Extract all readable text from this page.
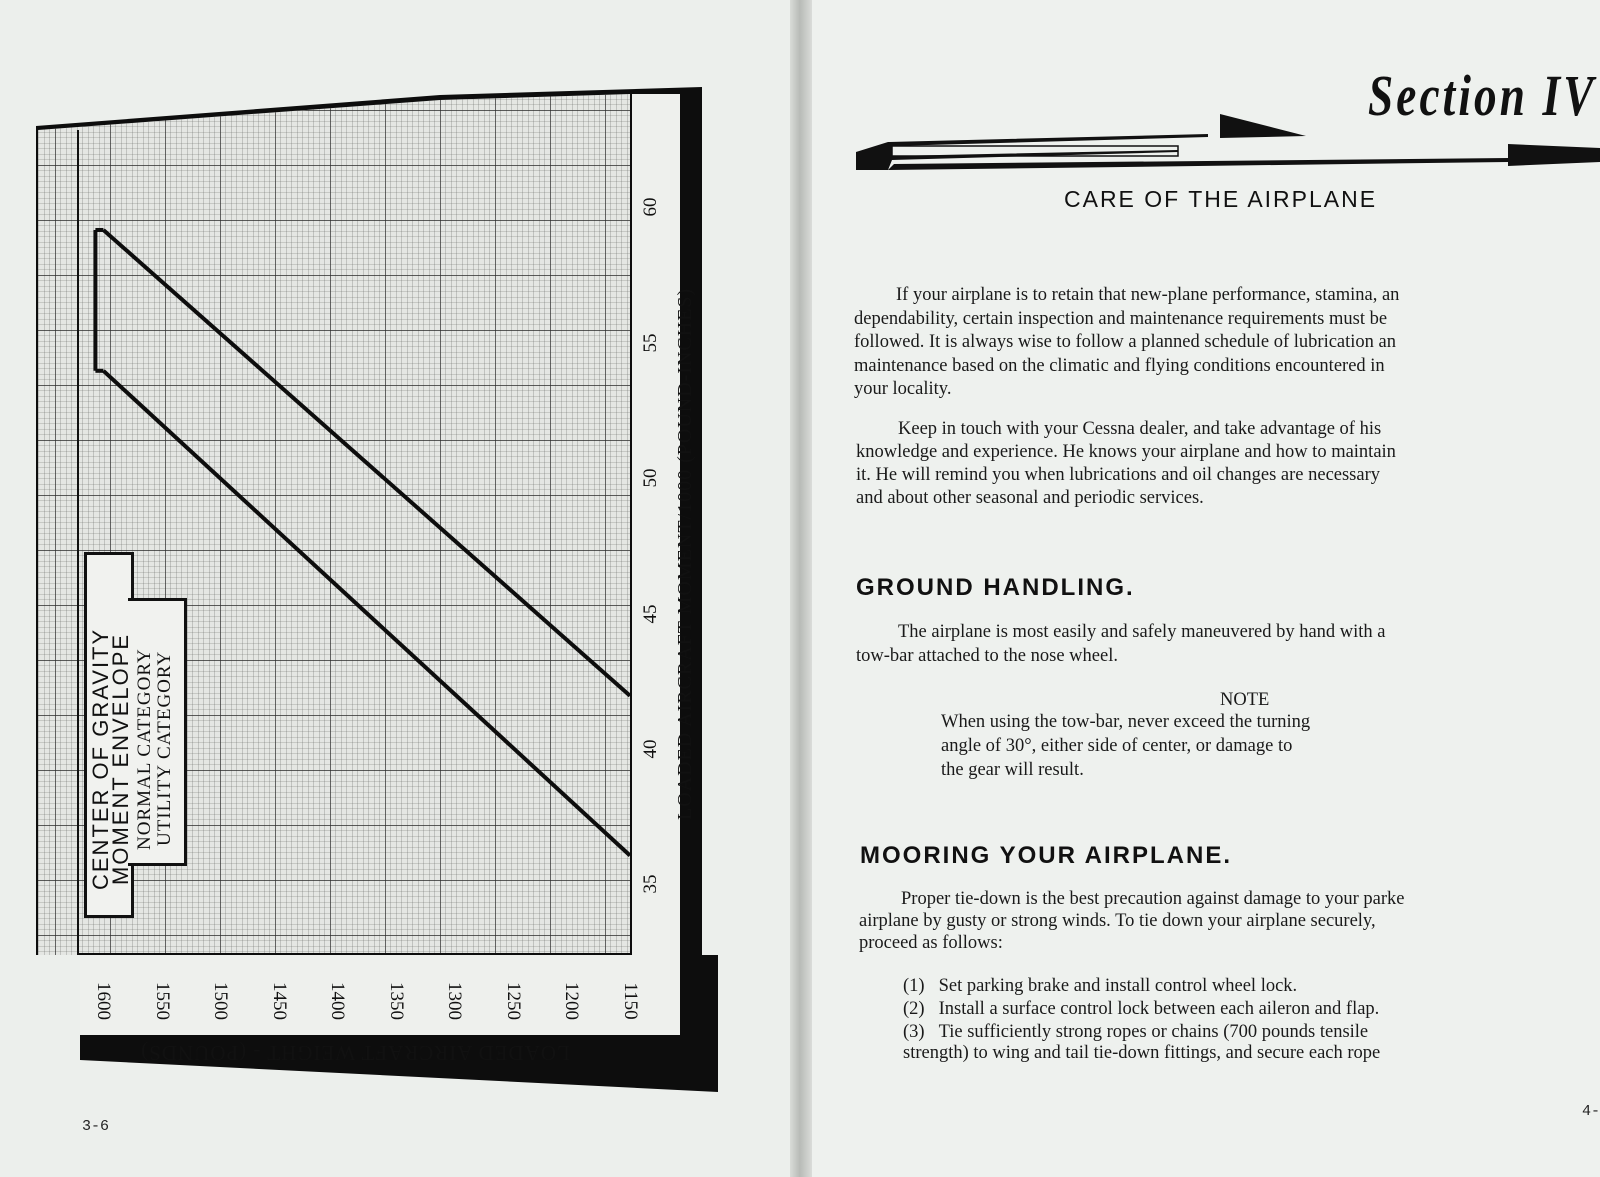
1150
1200
1250
1300
1350
1400
1450
1500
1550
1600
35
40
45
50
55
60
LOADED AIRCRAFT MOMENT/1000 (POUND-INCHES)
LOADED AIRCRAFT WEIGHT - (POUNDS)
CENTER OF GRAVITY
MOMENT ENVELOPE NORMAL CATEGORY UTILITY CATEGORY
3-6
Section IV
CARE OF THE AIRPLANE
If your airplane is to retain that new-plane performance, stamina, an
dependability, certain inspection and maintenance requirements must be
followed. It is always wise to follow a planned schedule of lubrication an
maintenance based on the climatic and flying conditions encountered in
your locality.
Keep in touch with your Cessna dealer, and take advantage of his
knowledge and experience. He knows your airplane and how to maintain
it. He will remind you when lubrications and oil changes are necessary
and about other seasonal and periodic services.
GROUND HANDLING.
The airplane is most easily and safely maneuvered by hand with a
tow-bar attached to the nose wheel.
NOTE
When using the tow-bar, never exceed the turning
angle of 30°, either side of center, or damage to
the gear will result.
MOORING YOUR AIRPLANE.
Proper tie-down is the best precaution against damage to your parke
airplane by gusty or strong winds. To tie down your airplane securely,
proceed as follows:
(1) Set parking brake and install control wheel lock.
(2) Install a surface control lock between each aileron and flap.
(3) Tie sufficiently strong ropes or chains (700 pounds tensile
strength) to wing and tail tie-down fittings, and secure each rope
4-
